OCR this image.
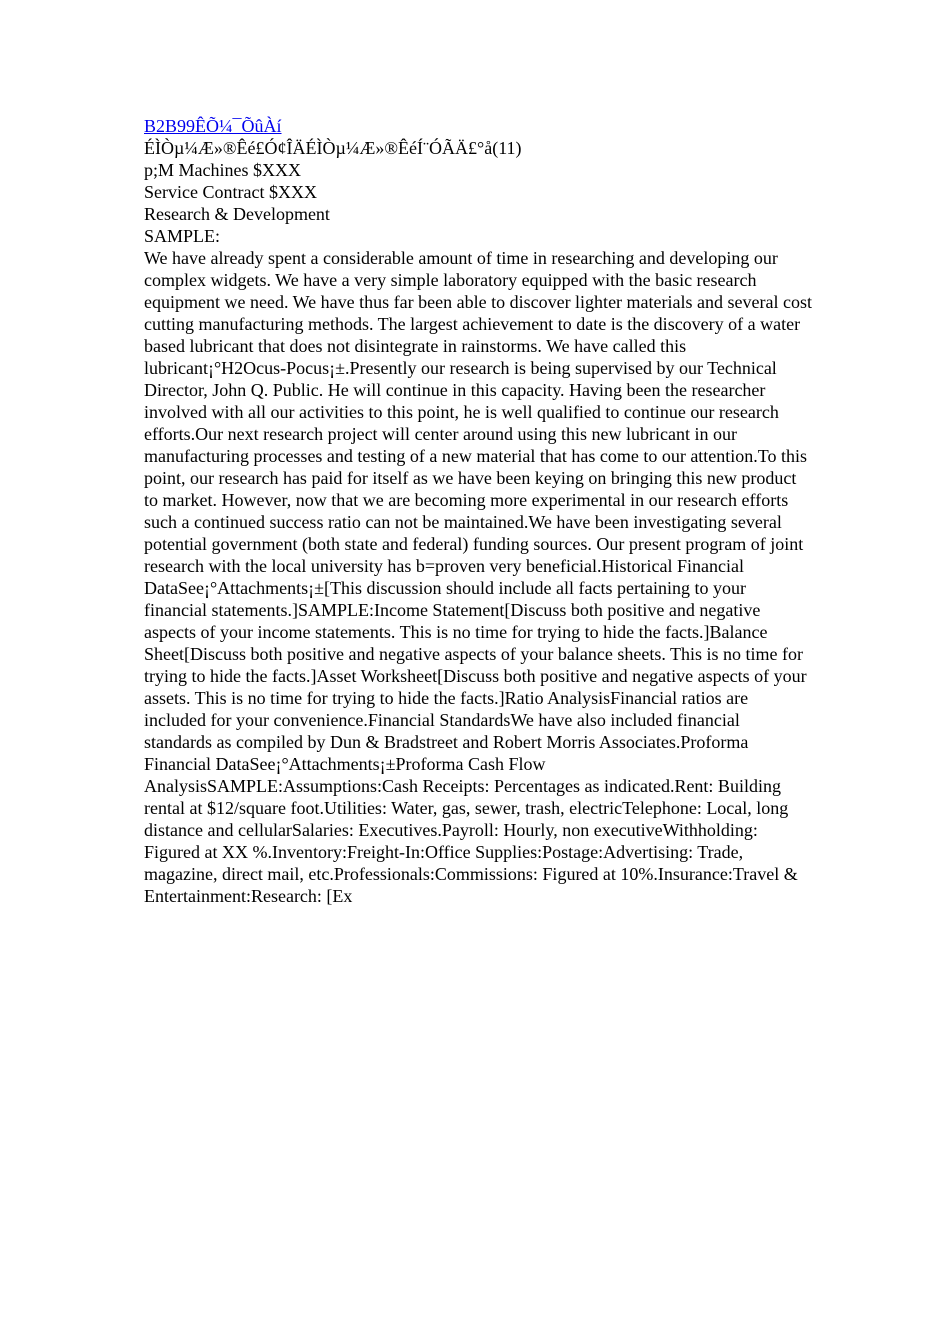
B2B99ÊÕ¼¯ÕûÀí
ÉÌÒµ¼Æ»®Êé£Ó¢ÎÄÉÌÒµ¼Æ»®ÊéÍ¨ÓÃÄ£°å(11)
p;M Machines $XXX
Service Contract $XXX
Research & Development
SAMPLE:

We have already spent a considerable amount of time in researching and developing our complex widgets. We have a very simple laboratory equipped with the basic research equipment we need. We have thus far been able to discover lighter materials and several cost cutting manufacturing methods. The largest achievement to date is the discovery of a water based lubricant that does not disintegrate in rainstorms. We have called this lubricant¡°H2Ocus-Pocus¡±.Presently our research is being supervised by our Technical Director, John Q. Public. He will continue in this capacity. Having been the researcher involved with all our activities to this point, he is well qualified to continue our research efforts.Our next research project will center around using this new lubricant in our manufacturing processes and testing of a new material that has come to our attention.To this point, our research has paid for itself as we have been keying on bringing this new product to market. However, now that we are becoming more experimental in our research efforts such a continued success ratio can not be maintained.We have been investigating several potential government (both state and federal) funding sources. Our present program of joint research with the local university has b=proven very beneficial.Historical Financial DataSee¡°Attachments¡±[This discussion should include all facts pertaining to your financial statements.]SAMPLE:Income Statement[Discuss both positive and negative aspects of your income statements. This is no time for trying to hide the facts.]Balance Sheet[Discuss both positive and negative aspects of your balance sheets. This is no time for trying to hide the facts.]Asset Worksheet[Discuss both positive and negative aspects of your assets. This is no time for trying to hide the facts.]Ratio AnalysisFinancial ratios are included for your convenience.Financial StandardsWe have also included financial standards as compiled by Dun & Bradstreet and Robert Morris Associates.Proforma Financial DataSee¡°Attachments¡±Proforma Cash Flow AnalysisSAMPLE:Assumptions:Cash Receipts: Percentages as indicated.Rent: Building rental at $12/square foot.Utilities: Water, gas, sewer, trash, electricTelephone: Local, long distance and cellularSalaries: Executives.Payroll: Hourly, non executiveWithholding: Figured at XX %.Inventory:Freight-In:Office Supplies:Postage:Advertising: Trade, magazine, direct mail, etc.Professionals:Commissions: Figured at 10%.Insurance:Travel & Entertainment:Research: [Ex
